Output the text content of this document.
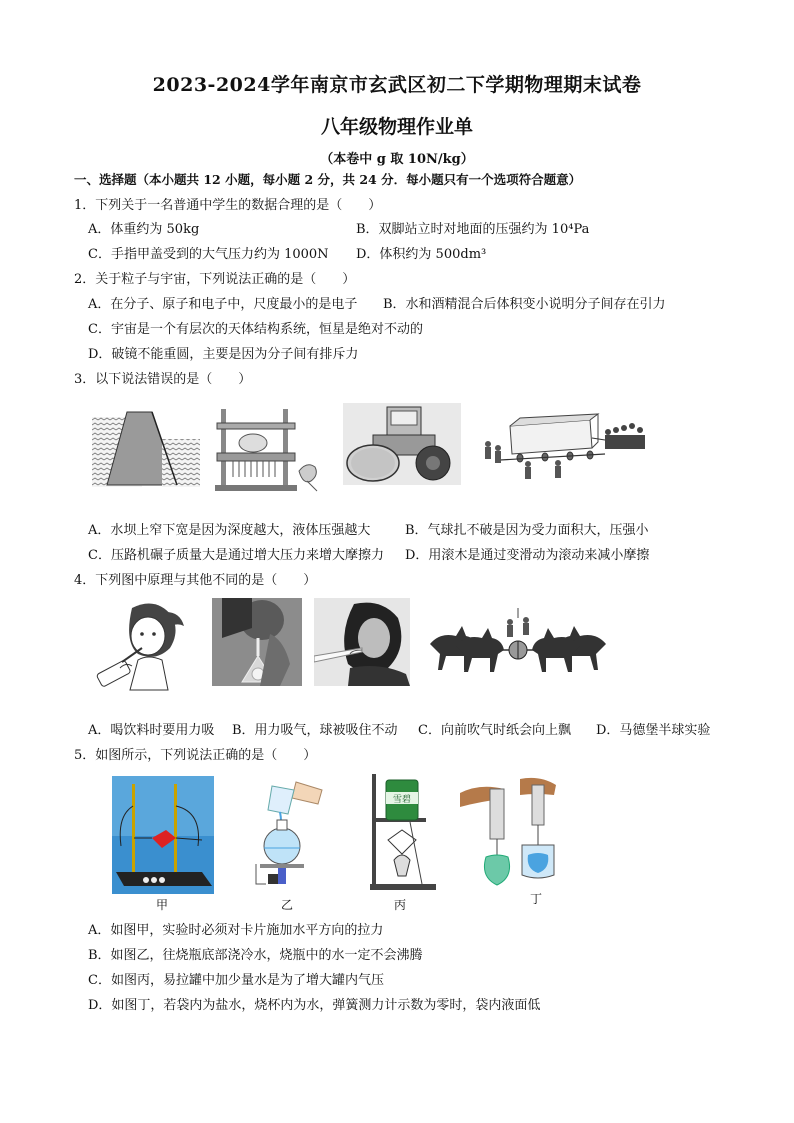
2023-2024学年南京市玄武区初二下学期物理期末试卷
八年级物理作业单
（本卷中 g 取 10N/kg）
一、选择题（本小题共 12 小题，每小题 2 分，共 24 分．每小题只有一个选项符合题意）
1．下列关于一名普通中学生的数据合理的是（　　）
A．体重约为 50kg	B．双脚站立时对地面的压强约为 10⁴Pa
C．手指甲盖受到的大气压力约为 1000N D．体积约为 500dm³
2．关于粒子与宇宙，下列说法正确的是（　　）
A．在分子、原子和电子中，尺度最小的是电子 B．水和酒精混合后体积变小说明分子间存在引力
C．宇宙是一个有层次的天体结构系统，恒星是绝对不动的
D．破镜不能重圆，主要是因为分子间有排斥力
3．以下说法错误的是（　　）
A．水坝上窄下宽是因为深度越大，液体压强越大	B．气球扎不破是因为受力面积大，压强小
C．压路机碾子质量大是通过增大压力来增大摩擦力 D．用滚木是通过变滑动为滚动来减小摩擦
4．下列图中原理与其他不同的是（　　）
A．喝饮料时要用力吸 B．用力吸气，球被吸住不动 C．向前吹气时纸会向上飘 D．马德堡半球实验
5．如图所示，下列说法正确的是（　　）
甲	乙
雪碧
丙	丁
A．如图甲，实验时必须对卡片施加水平方向的拉力
B．如图乙，往烧瓶底部浇冷水，烧瓶中的水一定不会沸腾
C．如图丙，易拉罐中加少量水是为了增大罐内气压
D．如图丁，若袋内为盐水，烧杯内为水，弹簧测力计示数为零时，袋内液面低
